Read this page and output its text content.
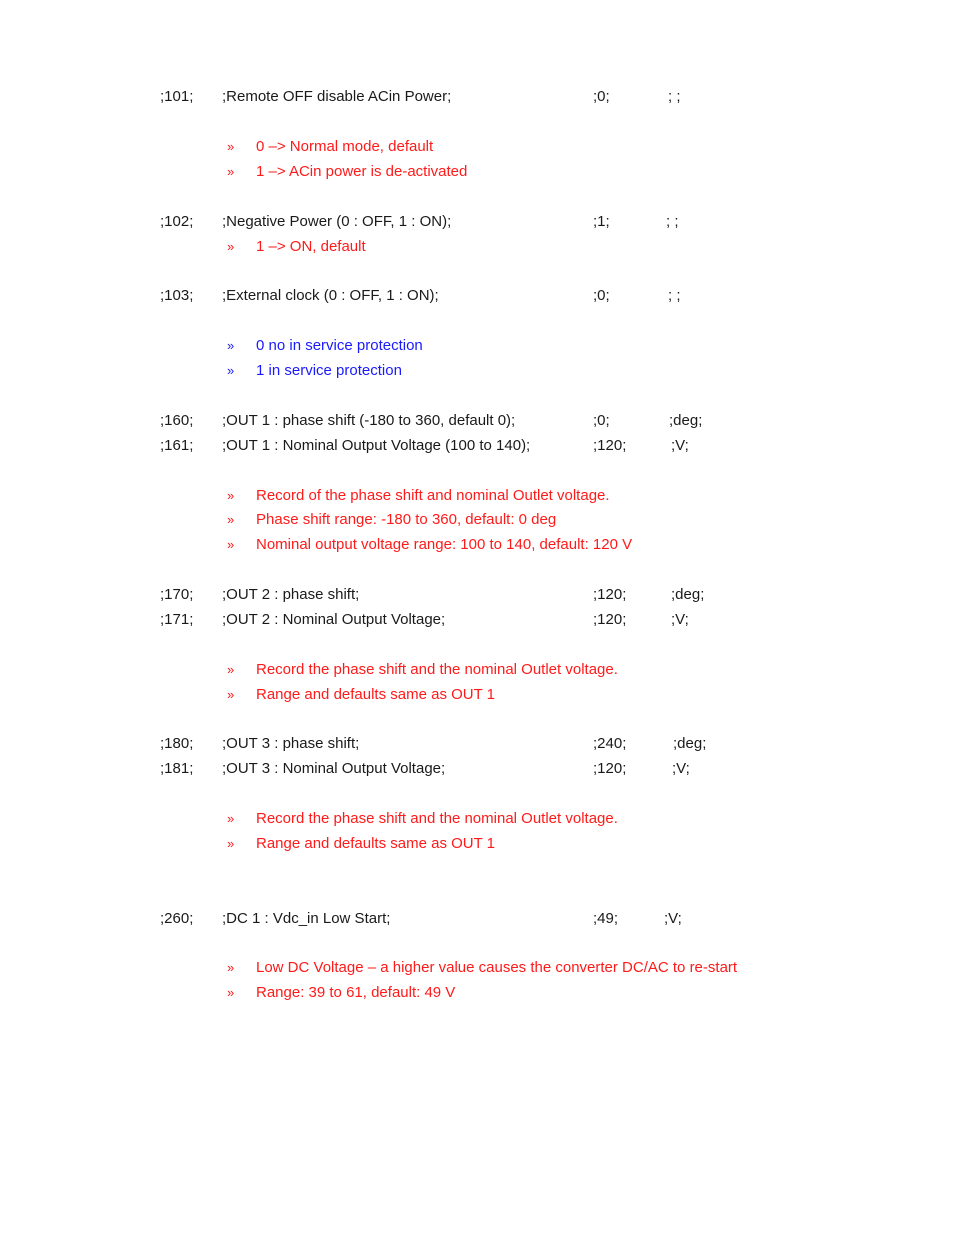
;101; ;Remote OFF disable ACin Power;	;0;	; ;
» 0 –> Normal mode, default
» 1 –> ACin power is de-activated
;102; ;Negative Power (0 : OFF, 1 : ON);	;1;	; ;
» 1 –> ON, default
;103; ;External clock (0 : OFF, 1 : ON);	;0;	; ;
» 0 no in service protection
» 1 in service protection
;160; ;OUT 1 : phase shift (-180 to 360, default 0);	;0;	;deg;
;161; ;OUT 1 : Nominal Output Voltage (100 to 140);	;120;	;V;
» Record of the phase shift and nominal Outlet voltage.
» Phase shift range: -180 to 360, default: 0 deg
» Nominal output voltage range: 100 to 140, default: 120 V
;170; ;OUT 2 : phase shift;	;120;	;deg;
;171; ;OUT 2 : Nominal Output Voltage;	;120;	;V;
» Record the phase shift and the nominal Outlet voltage.
» Range and defaults same as OUT 1
;180; ;OUT 3 : phase shift;	;240;	;deg;
;181; ;OUT 3 : Nominal Output Voltage;	;120;	;V;
» Record the phase shift and the nominal Outlet voltage.
» Range and defaults same as OUT 1
;260; ;DC 1 : Vdc_in Low Start;	;49;	;V;
» Low DC Voltage – a higher value causes the converter DC/AC to re-start
» Range: 39 to 61, default: 49 V
